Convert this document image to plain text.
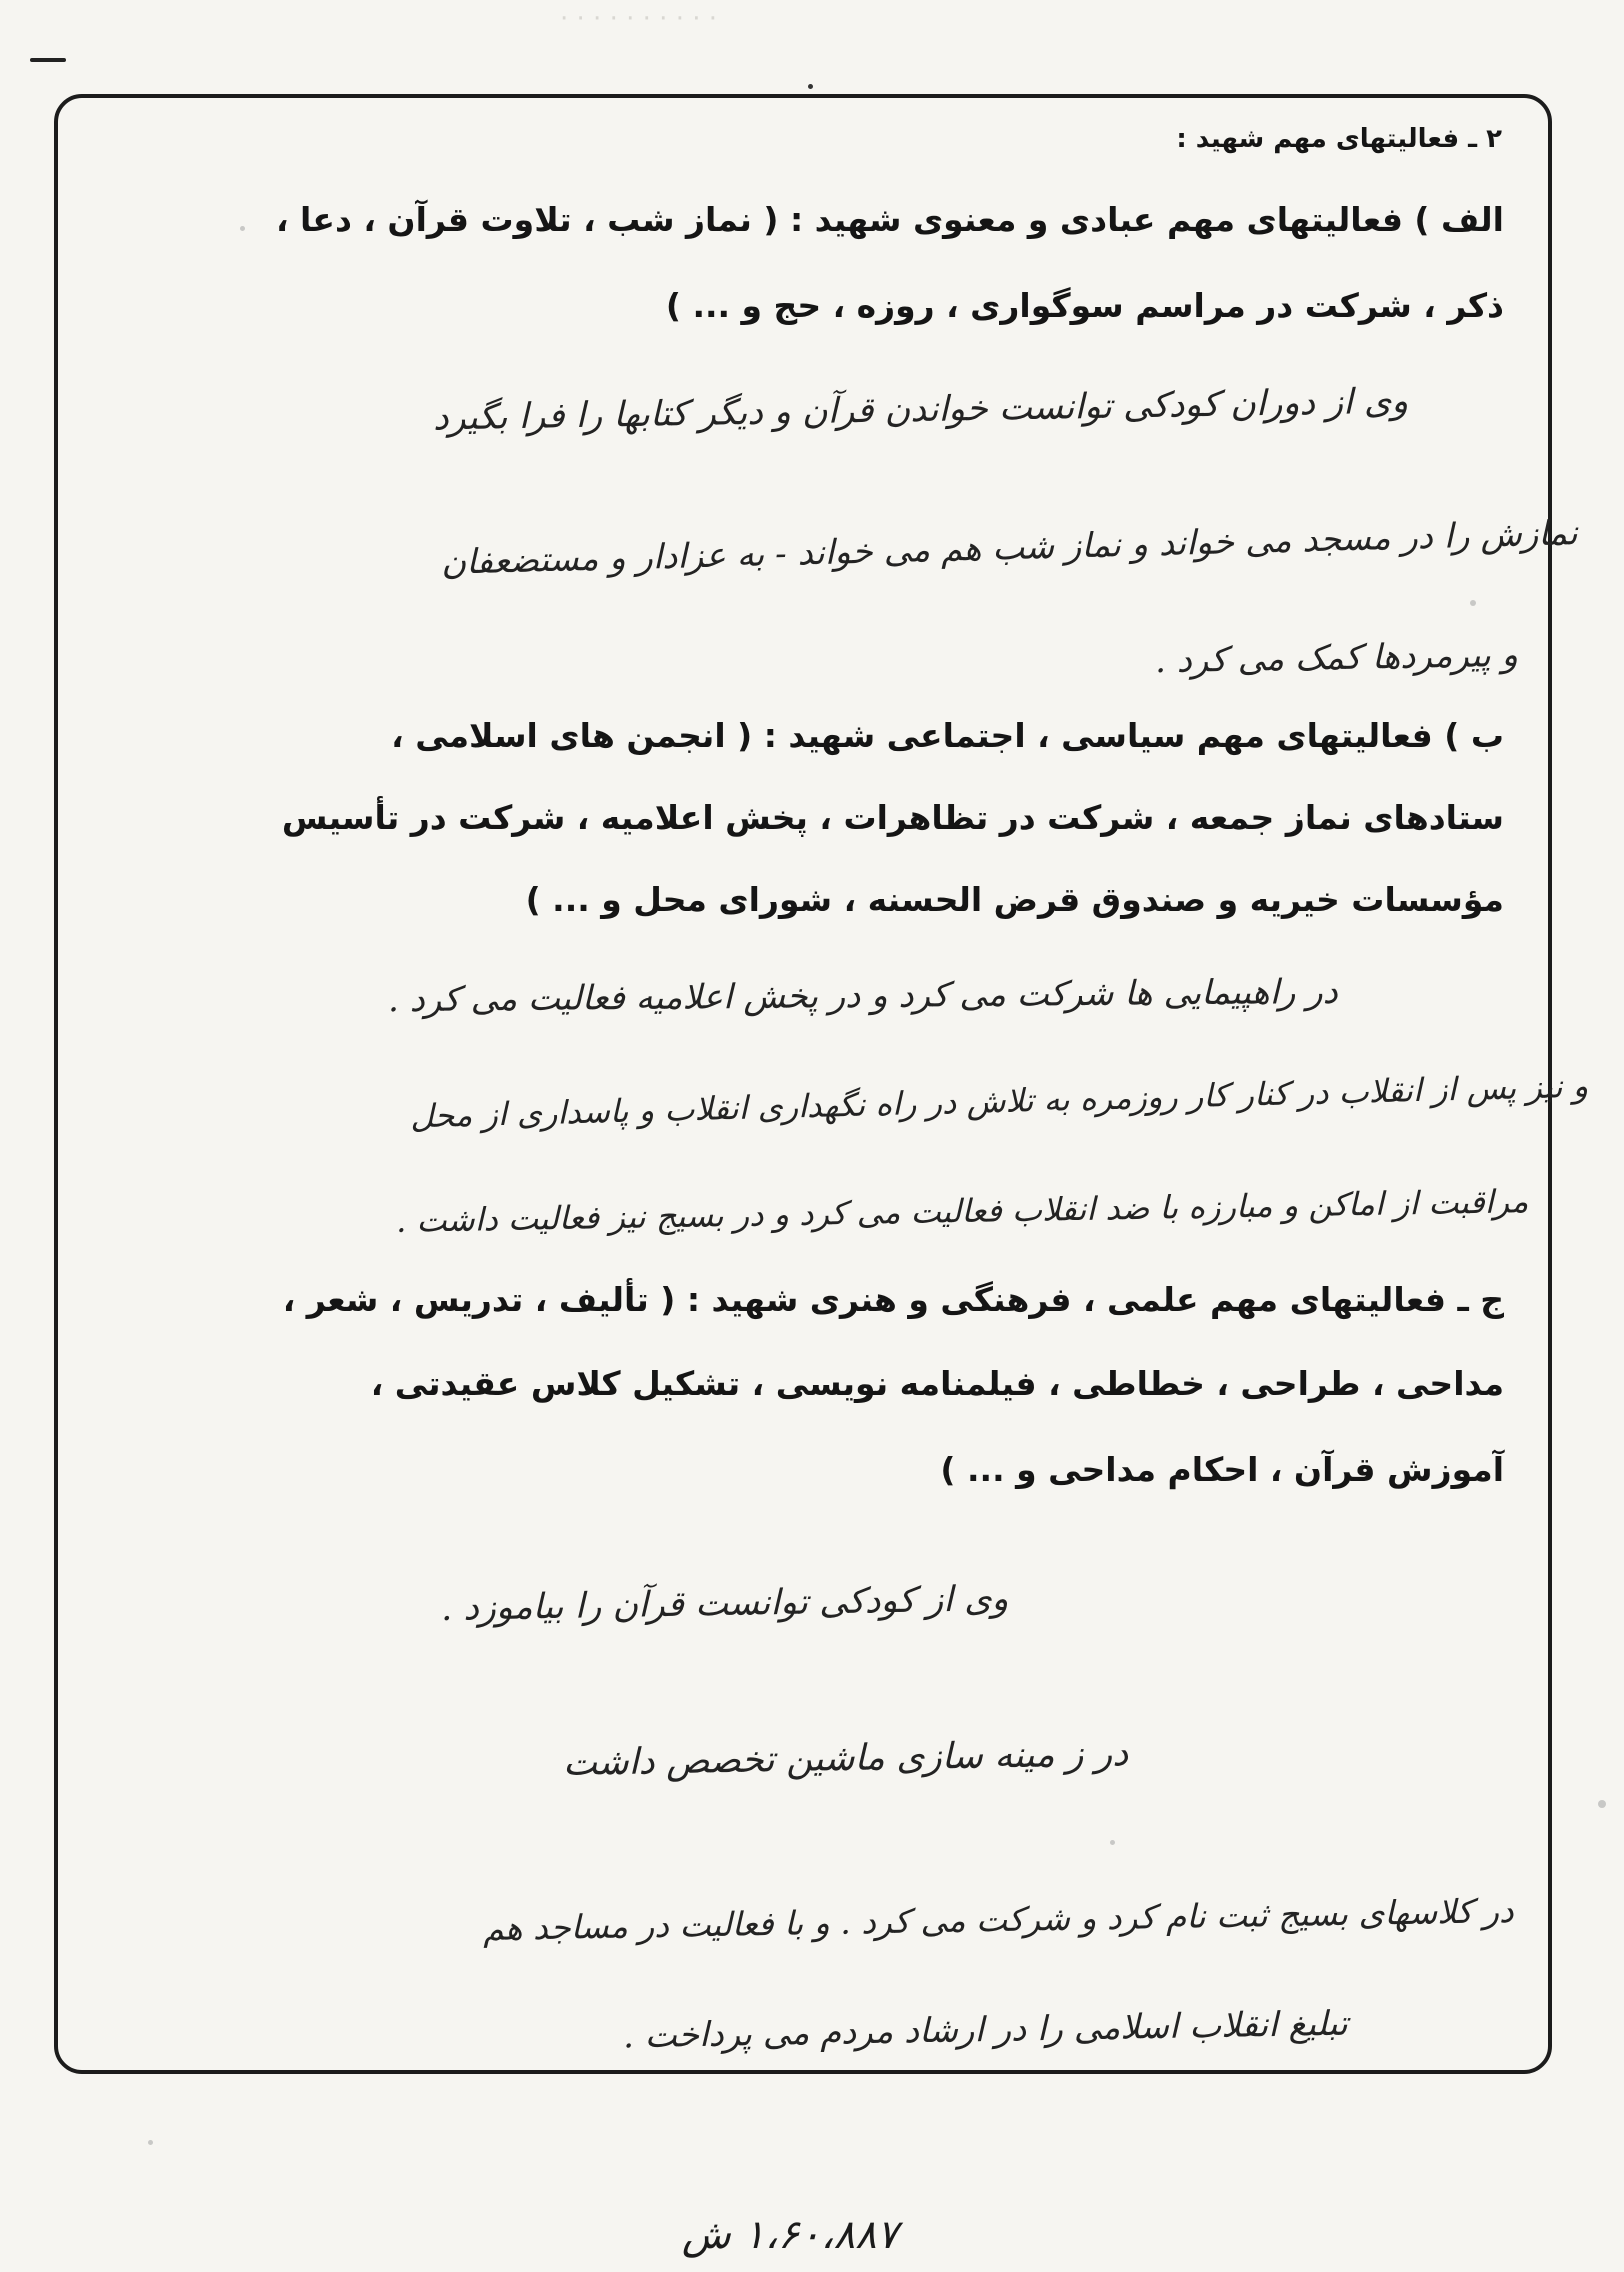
· · · · · · · · · ·
۲ ـ فعالیتهای مهم شهید :
الف ) فعالیتهای مهم عبادی و معنوی شهید : ( نماز شب ، تلاوت قرآن ، دعا ،
ذکر ، شرکت در مراسم سوگواری ، روزه ، حج و ... )
وی از دوران کودکی توانست خواندن قرآن و دیگر کتابها را فرا بگیرد
نمازش را در مسجد می خواند و نماز شب هم می خواند - به عزادار و مستضعفان
و پیرمردها کمک می کرد .
ب ) فعالیتهای مهم سیاسی ، اجتماعی شهید : ( انجمن های اسلامی ،
ستادهای نماز جمعه ، شرکت در تظاهرات ، پخش اعلامیه ، شرکت در تأسیس
مؤسسات خیریه و صندوق قرض الحسنه ، شورای محل و ... )
در راهپیمایی ها شرکت می کرد و در پخش اعلامیه فعالیت می کرد .
و نیز پس از انقلاب در کنار کار روزمره به تلاش در راه نگهداری انقلاب و پاسداری از محل
مراقبت از اماکن و مبارزه با ضد انقلاب فعالیت می کرد و در بسیج نیز فعالیت داشت .
ج ـ فعالیتهای مهم علمی ، فرهنگی و هنری شهید : ( تألیف ، تدریس ، شعر ،
مداحی ، طراحی ، خطاطی ، فیلمنامه نویسی ، تشکیل کلاس عقیدتی ،
آموزش قرآن ، احکام مداحی و ... )
وی از کودکی توانست قرآن را بیاموزد .
در ز مینه سازی ماشین تخصص داشت
در کلاسهای بسیج ثبت نام کرد و شرکت می کرد . و با فعالیت در مساجد هم
تبلیغ انقلاب اسلامی را در ارشاد مردم می پرداخت .
۱،۶۰،۸۸۷ ش
